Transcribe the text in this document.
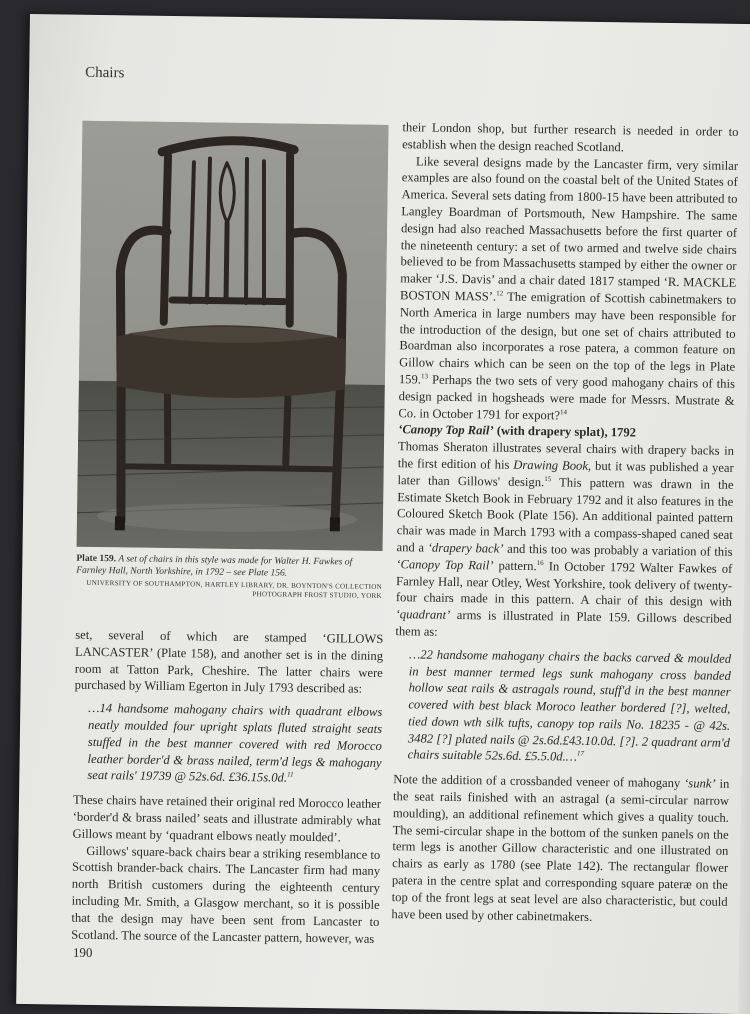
Chairs
Plate 159. A set of chairs in this style was made for Walter H. Fawkes of Farnley Hall, North Yorkshire, in 1792 – see Plate 156.
UNIVERSITY OF SOUTHAMPTON, HARTLEY LIBRARY, DR. BOYNTON'S COLLECTION
PHOTOGRAPH FROST STUDIO, YORK

set, several of which are stamped ‘GILLOWS LANCASTER’ (Plate 158), and another set is in the dining room at Tatton Park, Cheshire. The latter chairs were purchased by William Egerton in July 1793 described as:

…14 handsome mahogany chairs with quadrant elbows neatly moulded four upright splats fluted straight seats stuffed in the best manner covered with red Morocco leather border'd & brass nailed, term'd legs & mahogany seat rails' 19739 @ 52s.6d. £36.15s.0d.$^{11}$

These chairs have retained their original red Morocco leather ‘border'd & brass nailed’ seats and illustrate admirably what Gillows meant by ‘quadrant elbows neatly moulded’.

Gillows' square-back chairs bear a striking resemblance to Scottish brander-back chairs. The Lancaster firm had many north British customers during the eighteenth century including Mr. Smith, a Glasgow merchant, so it is possible that the design may have been sent from Lancaster to Scotland. The source of the Lancaster pattern, however, was

their London shop, but further research is needed in order to establish when the design reached Scotland.

Like several designs made by the Lancaster firm, very similar examples are also found on the coastal belt of the United States of America. Several sets dating from 1800-15 have been attributed to Langley Boardman of Portsmouth, New Hampshire. The same design had also reached Massachusetts before the first quarter of the nineteenth century: a set of two armed and twelve side chairs believed to be from Massachusetts stamped by either the owner or maker ‘J.S. Davis’ and a chair dated 1817 stamped ‘R. MACKLE BOSTON MASS’.$^{12}$ The emigration of Scottish cabinetmakers to North America in large numbers may have been responsible for the introduction of the design, but one set of chairs attributed to Boardman also incorporates a rose patera, a common feature on Gillow chairs which can be seen on the top of the legs in Plate 159.13 Perhaps the two sets of very good mahogany chairs of this design packed in hogsheads were made for Messrs. Mustrate & Co. in October 1791 for export?$^{14}$

‘Canopy Top Rail’ (with drapery splat), 1792

Thomas Sheraton illustrates several chairs with drapery backs in the first edition of his Drawing Book, but it was published a year later than Gillows' design.$^{15}$ This pattern was drawn in the Estimate Sketch Book in February 1792 and it also features in the Coloured Sketch Book (Plate 156). An additional painted pattern chair was made in March 1793 with a compass-shaped caned seat and a ‘drapery back’ and this too was probably a variation of this ‘Canopy Top Rail’ pattern.$^{16}$ In October 1792 Walter Fawkes of Farnley Hall, near Otley, West Yorkshire, took delivery of twenty-four chairs made in this pattern. A chair of this design with ‘quadrant’ arms is illustrated in Plate 159. Gillows described them as:

…22 handsome mahogany chairs the backs carved & moulded in best manner termed legs sunk mahogany cross banded hollow seat rails & astragals round, stuff'd in the best manner covered with best black Moroco leather bordered [?], welted, tied down wth silk tufts, canopy top rails No. 18235 - @ 42s. 3482 [?] plated nails @ 2s.6d.£43.10.0d. [?]. 2 quadrant arm'd chairs suitable 52s.6d. £5.5.0d.…$^{17}$

Note the addition of a crossbanded veneer of mahogany ‘sunk’ in the seat rails finished with an astragal (a semi-circular narrow moulding), an additional refinement which gives a quality touch. The semi-circular shape in the bottom of the sunken panels on the term legs is another Gillow characteristic and one illustrated on chairs as early as 1780 (see Plate 142). The rectangular flower patera in the centre splat and corresponding square pateræ on the top of the front legs at seat level are also characteristic, but could have been used by other cabinetmakers.

190
